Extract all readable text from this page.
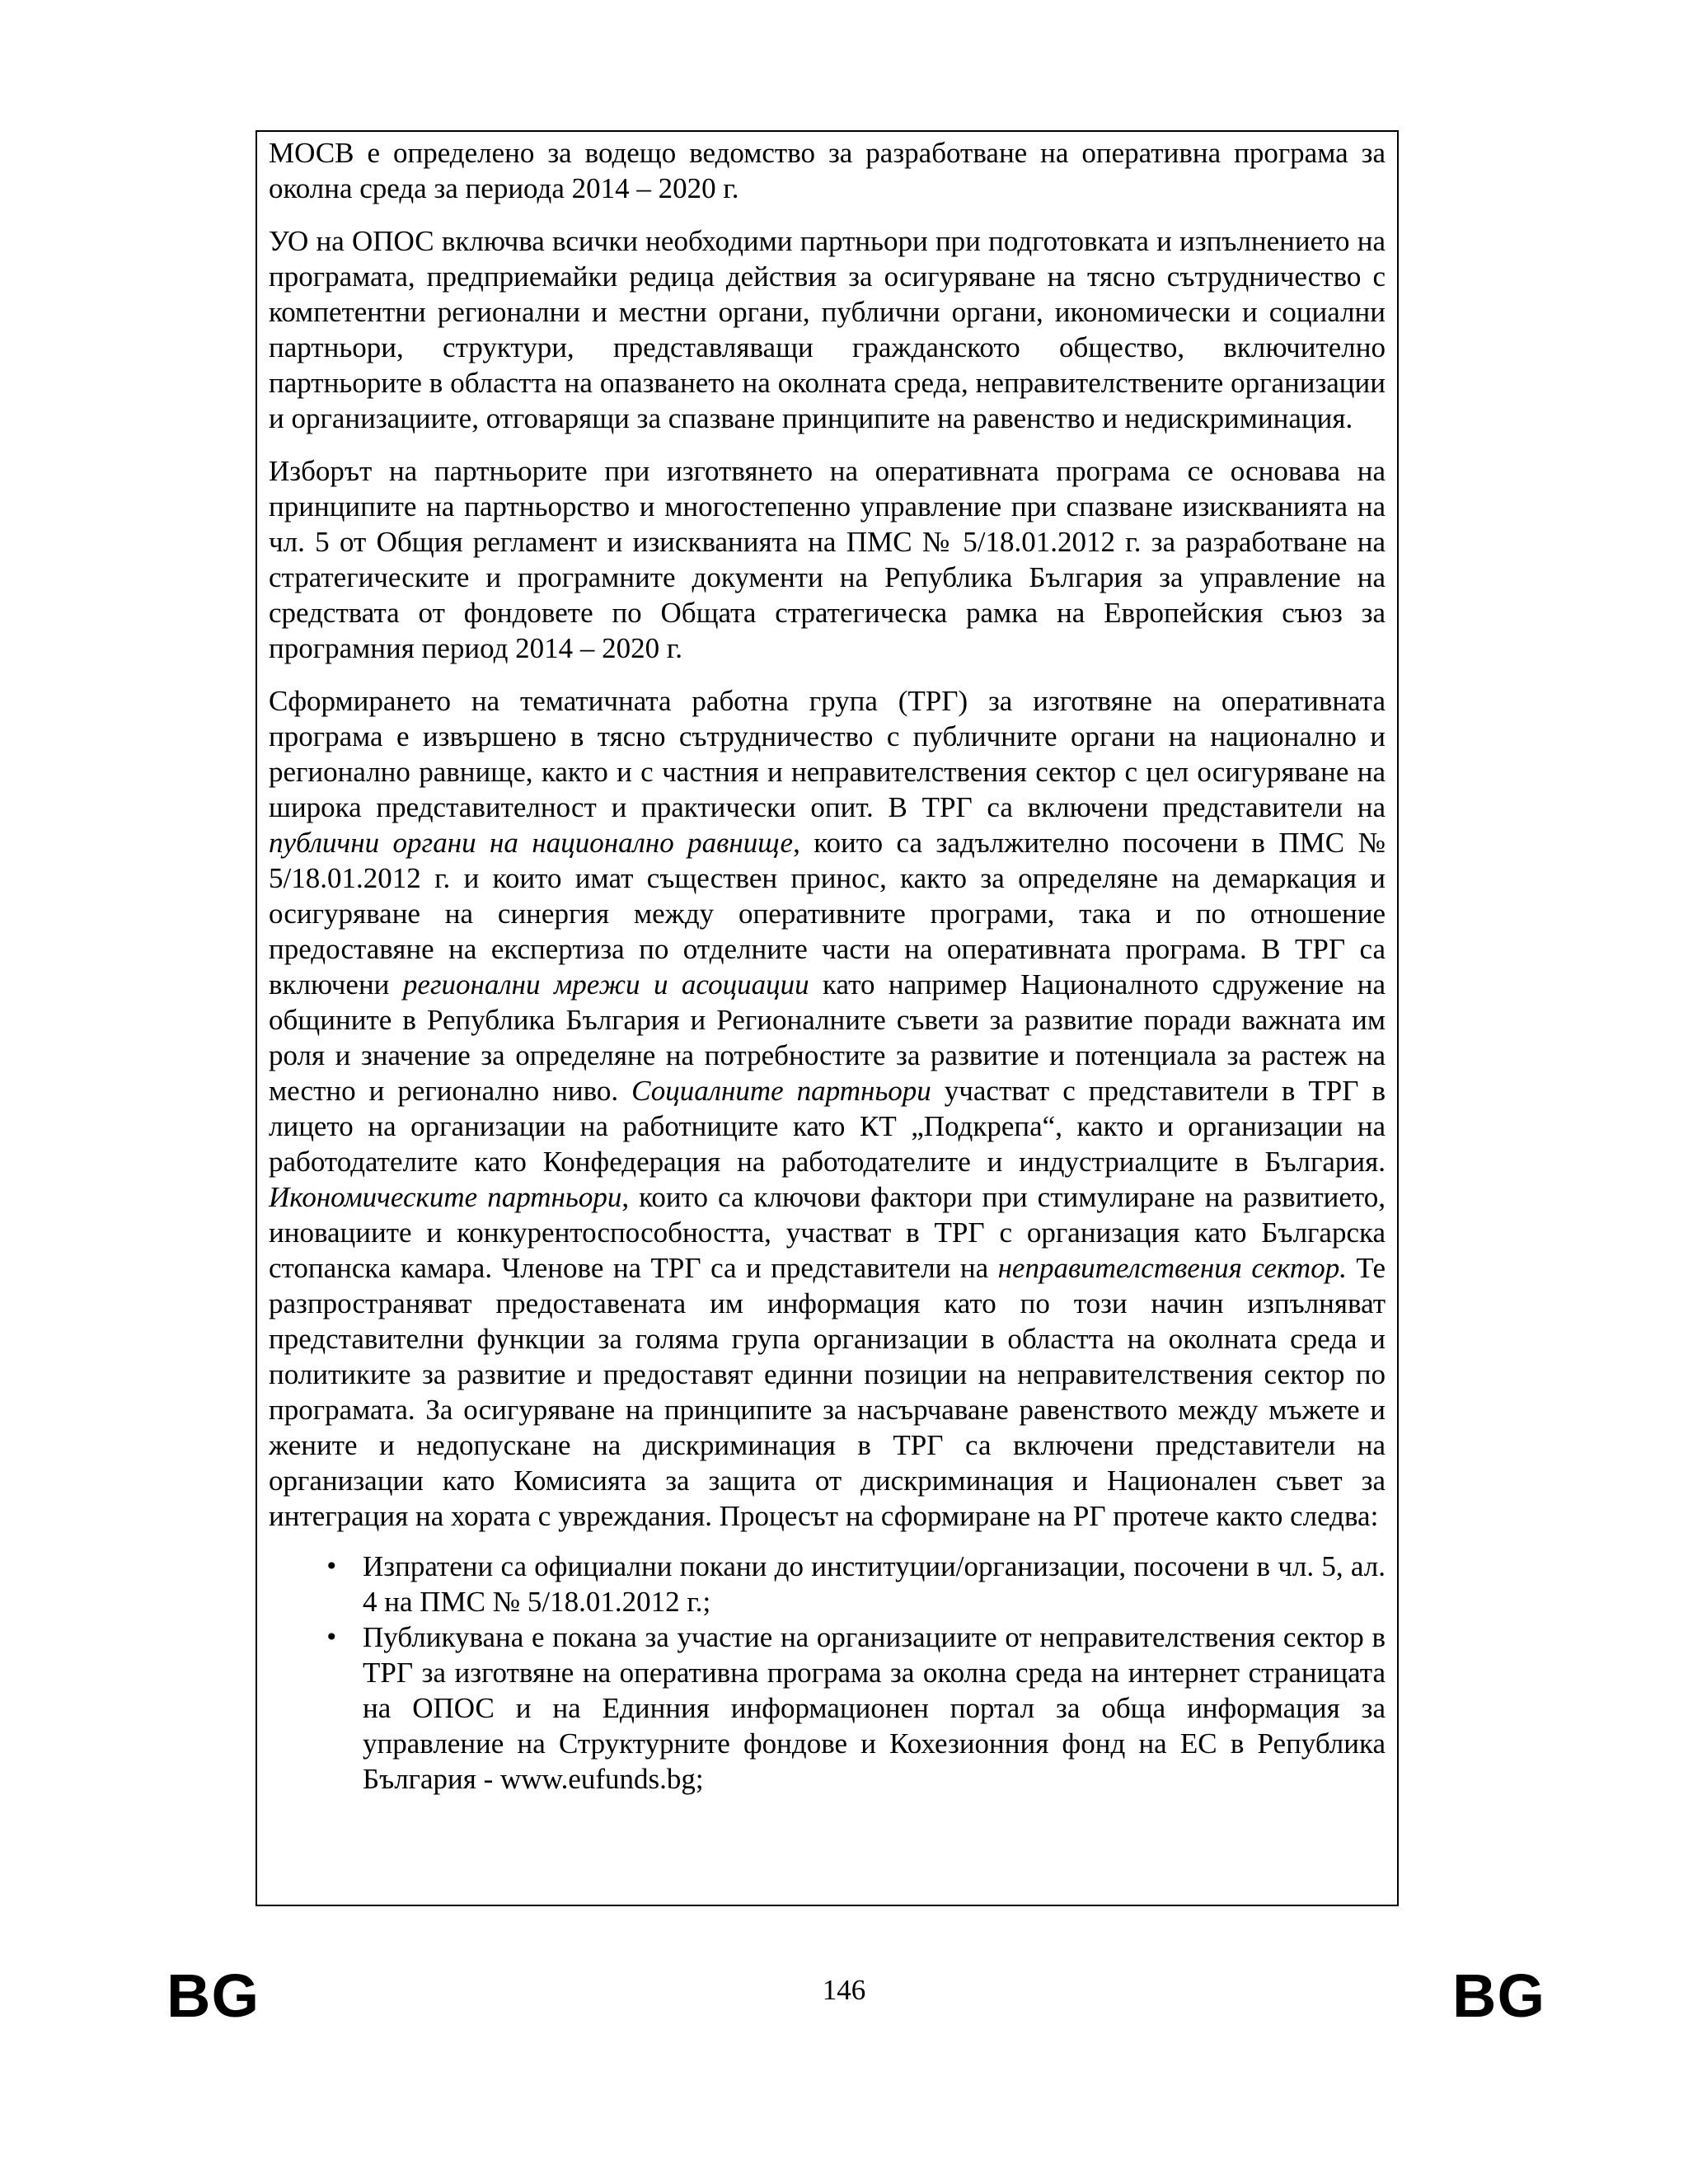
МОСВ е определено за водещо ведомство за разработване на оперативна програма за околна среда за периода 2014 – 2020 г.

УО на ОПОС включва всички необходими партньори при подготовката и изпълнението на програмата, предприемайки редица действия за осигуряване на тясно сътрудничество с компетентни регионални и местни органи, публични органи, икономически и социални партньори, структури, представляващи гражданското общество, включително партньорите в областта на опазването на околната среда, неправителствените организации и организациите, отговарящи за спазване принципите на равенство и недискриминация.

Изборът на партньорите при изготвянето на оперативната програма се основава на принципите на партньорство и многостепенно управление при спазване изискванията на чл. 5 от Общия регламент и изискванията на ПМС № 5/18.01.2012 г. за разработване на стратегическите и програмните документи на Република България за управление на средствата от фондовете по Общата стратегическа рамка на Европейския съюз за програмния период 2014 – 2020 г.

Сформирането на тематичната работна група (ТРГ) за изготвяне на оперативната програма е извършено в тясно сътрудничество с публичните органи на национално и регионално равнище, както и с частния и неправителствения сектор с цел осигуряване на широка представителност и практически опит. В ТРГ са включени представители на публични органи на национално равнище, които са задължително посочени в ПМС № 5/18.01.2012 г. и които имат съществен принос, както за определяне на демаркация и осигуряване на синергия между оперативните програми, така и по отношение предоставяне на експертиза по отделните части на оперативната програма. В ТРГ са включени регионални мрежи и асоциации като например Националното сдружение на общините в Република България и Регионалните съвети за развитие поради важната им роля и значение за определяне на потребностите за развитие и потенциала за растеж на местно и регионално ниво. Социалните партньори участват с представители в ТРГ в лицето на организации на работниците като КТ „Подкрепа“, както и организации на работодателите като Конфедерация на работодателите и индустриалците в България. Икономическите партньори, които са ключови фактори при стимулиране на развитието, иновациите и конкурентоспособността, участват в ТРГ с организация като Българска стопанска камара. Членове на ТРГ са и представители на неправителствения сектор. Те разпространяват предоставената им информация като по този начин изпълняват представителни функции за голяма група организации в областта на околната среда и политиките за развитие и предоставят единни позиции на неправителствения сектор по програмата. За осигуряване на принципите за насърчаване равенството между мъжете и жените и недопускане на дискриминация в ТРГ са включени представители на организации като Комисията за защита от дискриминация и Национален съвет за интеграция на хората с увреждания. Процесът на сформиране на РГ протече както следва:

• Изпратени са официални покани до институции/организации, посочени в чл. 5, ал. 4 на ПМС № 5/18.01.2012 г.;
• Публикувана е покана за участие на организациите от неправителствения сектор в ТРГ за изготвяне на оперативна програма за околна среда на интернет страницата на ОПОС и на Единния информационен портал за обща информация за управление на Структурните фондове и Кохезионния фонд на ЕС в Република България - www.eufunds.bg;
BG	146	BG
